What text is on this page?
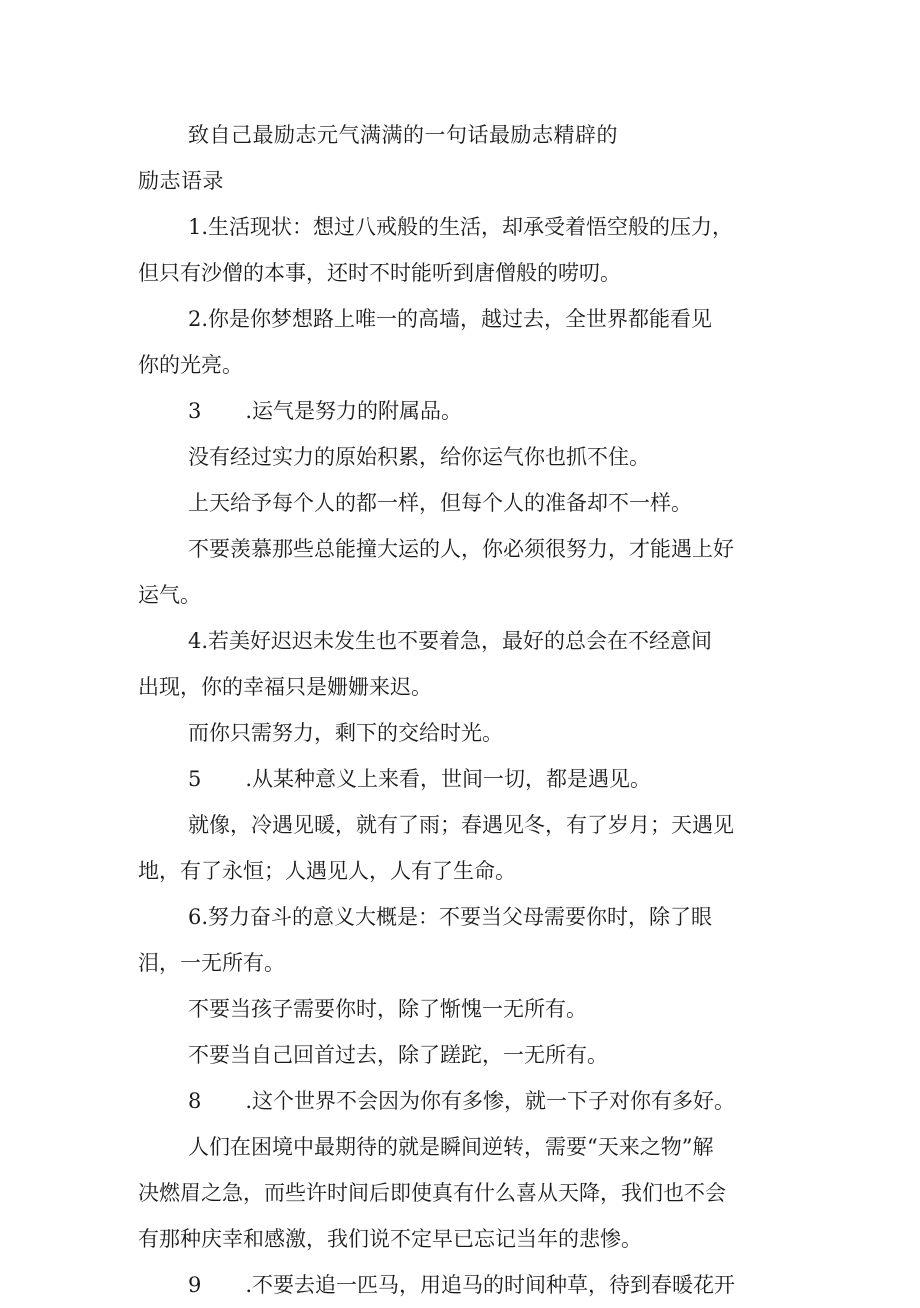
致自己最励志元气满满的一句话最励志精辟的
励志语录
1.生活现状：想过八戒般的生活，却承受着悟空般的压力，
但只有沙僧的本事，还时不时能听到唐僧般的唠叨。
2.你是你梦想路上唯一的高墙，越过去，全世界都能看见
你的光亮。
3 .运气是努力的附属品。
没有经过实力的原始积累，给你运气你也抓不住。
上天给予每个人的都一样，但每个人的准备却不一样。
不要羡慕那些总能撞大运的人，你必须很努力，才能遇上好
运气。
4.若美好迟迟未发生也不要着急，最好的总会在不经意间
出现，你的幸福只是姗姗来迟。
而你只需努力，剩下的交给时光。
5 .从某种意义上来看，世间一切，都是遇见。
就像，冷遇见暖，就有了雨；春遇见冬，有了岁月；天遇见
地，有了永恒；人遇见人，人有了生命。
6.努力奋斗的意义大概是：不要当父母需要你时，除了眼
泪，一无所有。
不要当孩子需要你时，除了惭愧一无所有。
不要当自己回首过去，除了蹉跎，一无所有。
8 .这个世界不会因为你有多惨，就一下子对你有多好。
人们在困境中最期待的就是瞬间逆转，需要“天来之物”解
决燃眉之急，而些许时间后即使真有什么喜从天降，我们也不会
有那种庆幸和感激，我们说不定早已忘记当年的悲惨。
9 .不要去追一匹马，用追马的时间种草，待到春暖花开
